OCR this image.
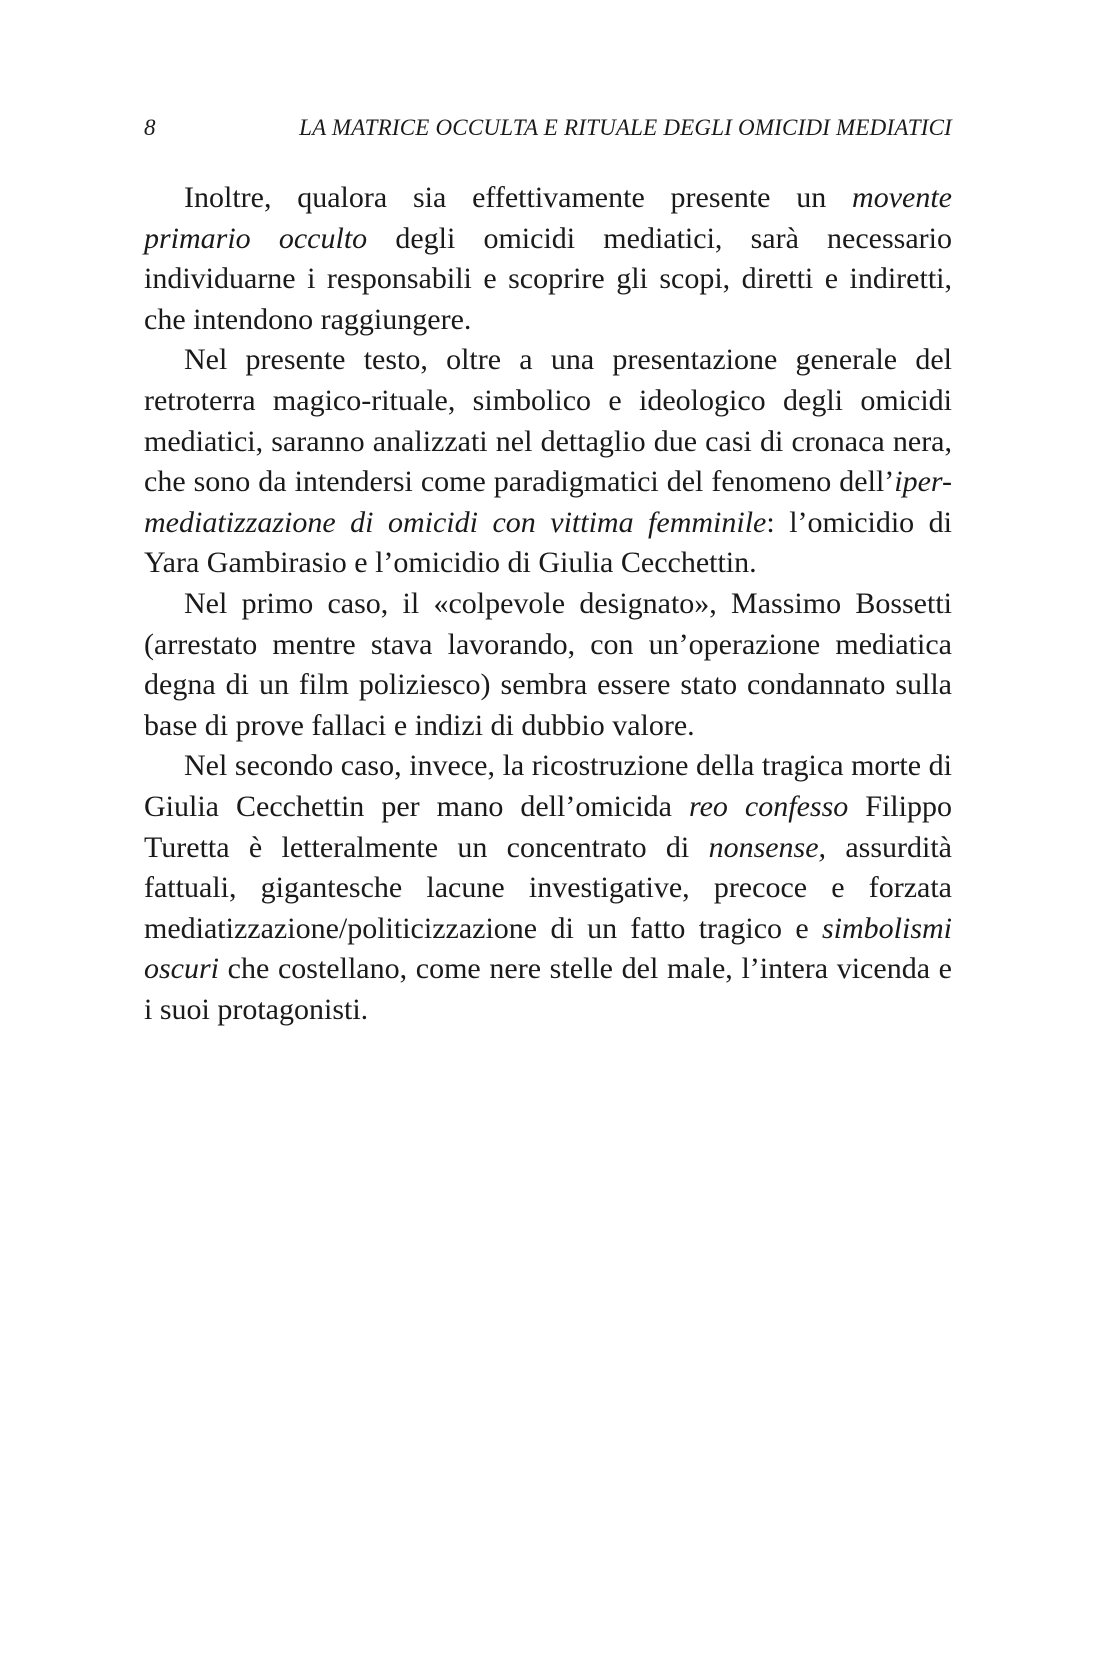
8	LA MATRICE OCCULTA E RITUALE DEGLI OMICIDI MEDIATICI

Inoltre, qualora sia effettivamente presente un movente primario occulto degli omicidi mediatici, sarà necessario individuarne i responsabili e scoprire gli scopi, diretti e indiretti, che intendono raggiungere.

Nel presente testo, oltre a una presentazione generale del retroterra magico-rituale, simbolico e ideologico degli omicidi mediatici, saranno analizzati nel dettaglio due casi di cronaca nera, che sono da intendersi come paradigmatici del fenomeno dell’iper-mediatizzazione di omicidi con vittima femminile: l’omicidio di Yara Gambirasio e l’omicidio di Giulia Cecchettin.

Nel primo caso, il «colpevole designato», Massimo Bossetti (arrestato mentre stava lavorando, con un’operazione mediatica degna di un film poliziesco) sembra essere stato condannato sulla base di prove fallaci e indizi di dubbio valore.

Nel secondo caso, invece, la ricostruzione della tragica morte di Giulia Cecchettin per mano dell’omicida reo confesso Filippo Turetta è letteralmente un concentrato di nonsense, assurdità fattuali, gigantesche lacune investigative, precoce e forzata mediatizzazione/politicizzazione di un fatto tragico e simbolismi oscuri che costellano, come nere stelle del male, l’intera vicenda e i suoi protagonisti.
